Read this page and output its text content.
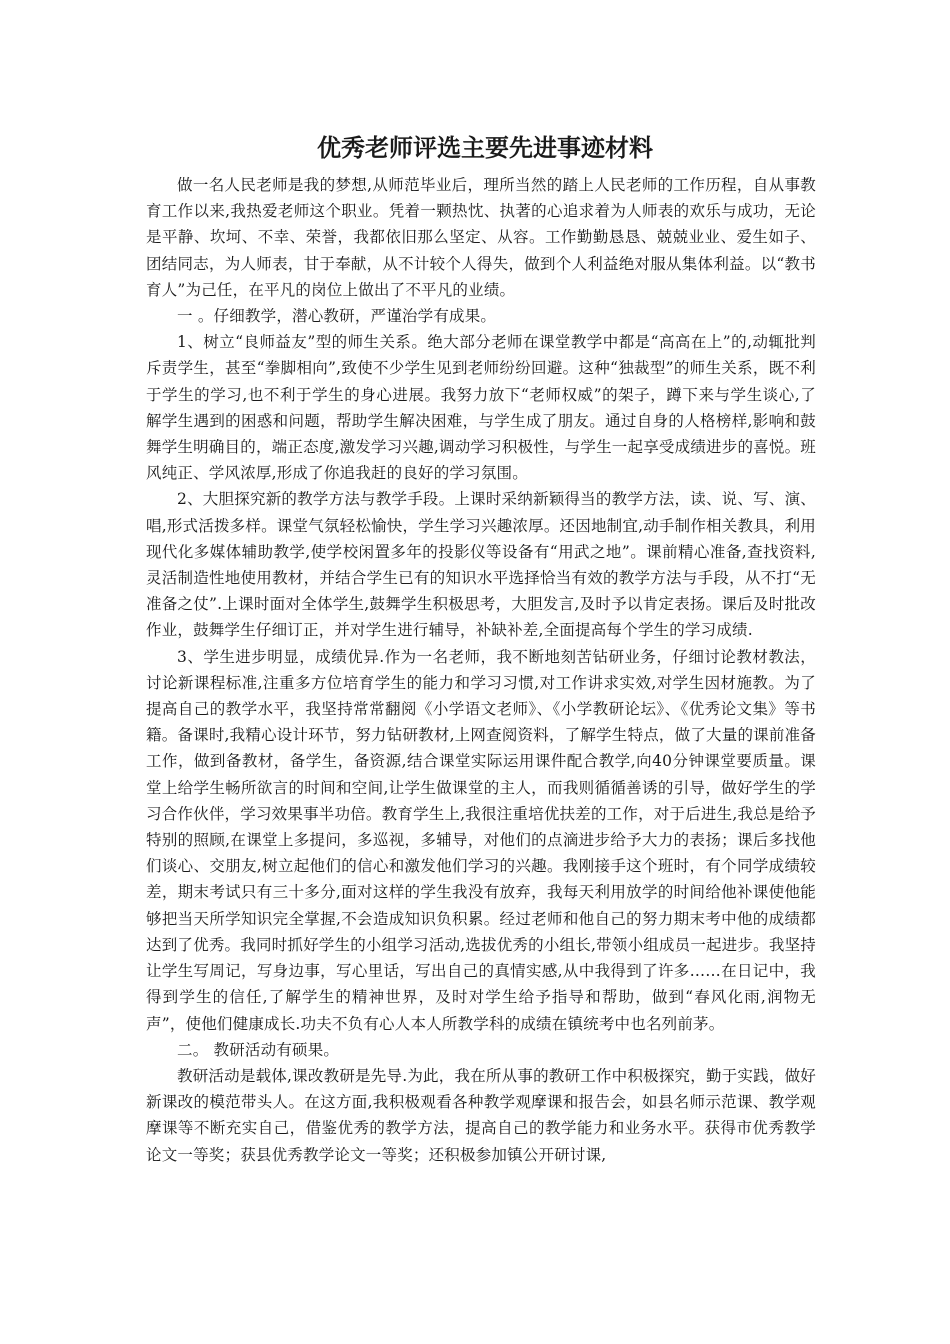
优秀老师评选主要先进事迹材料

做一名人民老师是我的梦想,从师范毕业后，理所当然的踏上人民老师的工作历程，自从事教育工作以来,我热爱老师这个职业。凭着一颗热忱、执著的心追求着为人师表的欢乐与成功，无论是平静、坎坷、不幸、荣誉，我都依旧那么坚定、从容。工作勤勤恳恳、兢兢业业、爱生如子、团结同志，为人师表，甘于奉献，从不计较个人得失，做到个人利益绝对服从集体利益。以“教书育人”为己任，在平凡的岗位上做出了不平凡的业绩。

一 。仔细教学，潜心教研，严谨治学有成果。

1、树立“良师益友”型的师生关系。绝大部分老师在课堂教学中都是“高高在上”的,动辄批判斥责学生，甚至“拳脚相向”,致使不少学生见到老师纷纷回避。这种“独裁型”的师生关系，既不利于学生的学习,也不利于学生的身心进展。我努力放下“老师权威”的架子，蹲下来与学生谈心,了解学生遇到的困惑和问题，帮助学生解决困难，与学生成了朋友。通过自身的人格榜样,影响和鼓舞学生明确目的，端正态度,激发学习兴趣,调动学习积极性，与学生一起享受成绩进步的喜悦。班风纯正、学风浓厚,形成了你追我赶的良好的学习氛围。

2、大胆探究新的教学方法与教学手段。上课时采纳新颖得当的教学方法，读、说、写、演、唱,形式活拨多样。课堂气氛轻松愉快，学生学习兴趣浓厚。还因地制宜,动手制作相关教具，利用现代化多媒体辅助教学,使学校闲置多年的投影仪等设备有“用武之地”。课前精心准备,查找资料,灵活制造性地使用教材，并结合学生已有的知识水平选择恰当有效的教学方法与手段，从不打“无准备之仗”.上课时面对全体学生,鼓舞学生积极思考，大胆发言,及时予以肯定表扬。课后及时批改作业，鼓舞学生仔细订正，并对学生进行辅导，补缺补差,全面提高每个学生的学习成绩.

3、学生进步明显，成绩优异.作为一名老师，我不断地刻苦钻研业务，仔细讨论教材教法，讨论新课程标准,注重多方位培育学生的能力和学习习惯,对工作讲求实效,对学生因材施教。为了提高自己的教学水平，我坚持常常翻阅《小学语文老师》、《小学教研论坛》、《优秀论文集》等书籍。备课时,我精心设计环节，努力钻研教材,上网查阅资料，了解学生特点，做了大量的课前准备工作，做到备教材，备学生，备资源,结合课堂实际运用课件配合教学,向40分钟课堂要质量。课堂上给学生畅所欲言的时间和空间,让学生做课堂的主人，而我则循循善诱的引导，做好学生的学习合作伙伴，学习效果事半功倍。教育学生上,我很注重培优扶差的工作，对于后进生,我总是给予特别的照顾,在课堂上多提问，多巡视，多辅导，对他们的点滴进步给予大力的表扬；课后多找他们谈心、交朋友,树立起他们的信心和激发他们学习的兴趣。我刚接手这个班时，有个同学成绩较差，期末考试只有三十多分,面对这样的学生我没有放弃，我每天利用放学的时间给他补课使他能够把当天所学知识完全掌握,不会造成知识负积累。经过老师和他自己的努力期末考中他的成绩都达到了优秀。我同时抓好学生的小组学习活动,选拔优秀的小组长,带领小组成员一起进步。我坚持让学生写周记，写身边事，写心里话，写出自己的真情实感,从中我得到了许多……在日记中，我得到学生的信任,了解学生的精神世界，及时对学生给予指导和帮助，做到“春风化雨,润物无声”，使他们健康成长.功夫不负有心人本人所教学科的成绩在镇统考中也名列前茅。

二。 教研活动有硕果。

教研活动是载体,课改教研是先导.为此，我在所从事的教研工作中积极探究，勤于实践，做好新课改的模范带头人。在这方面,我积极观看各种教学观摩课和报告会，如县名师示范课、教学观摩课等不断充实自己，借鉴优秀的教学方法，提高自己的教学能力和业务水平。获得市优秀教学论文一等奖；获县优秀教学论文一等奖；还积极参加镇公开研讨课,
